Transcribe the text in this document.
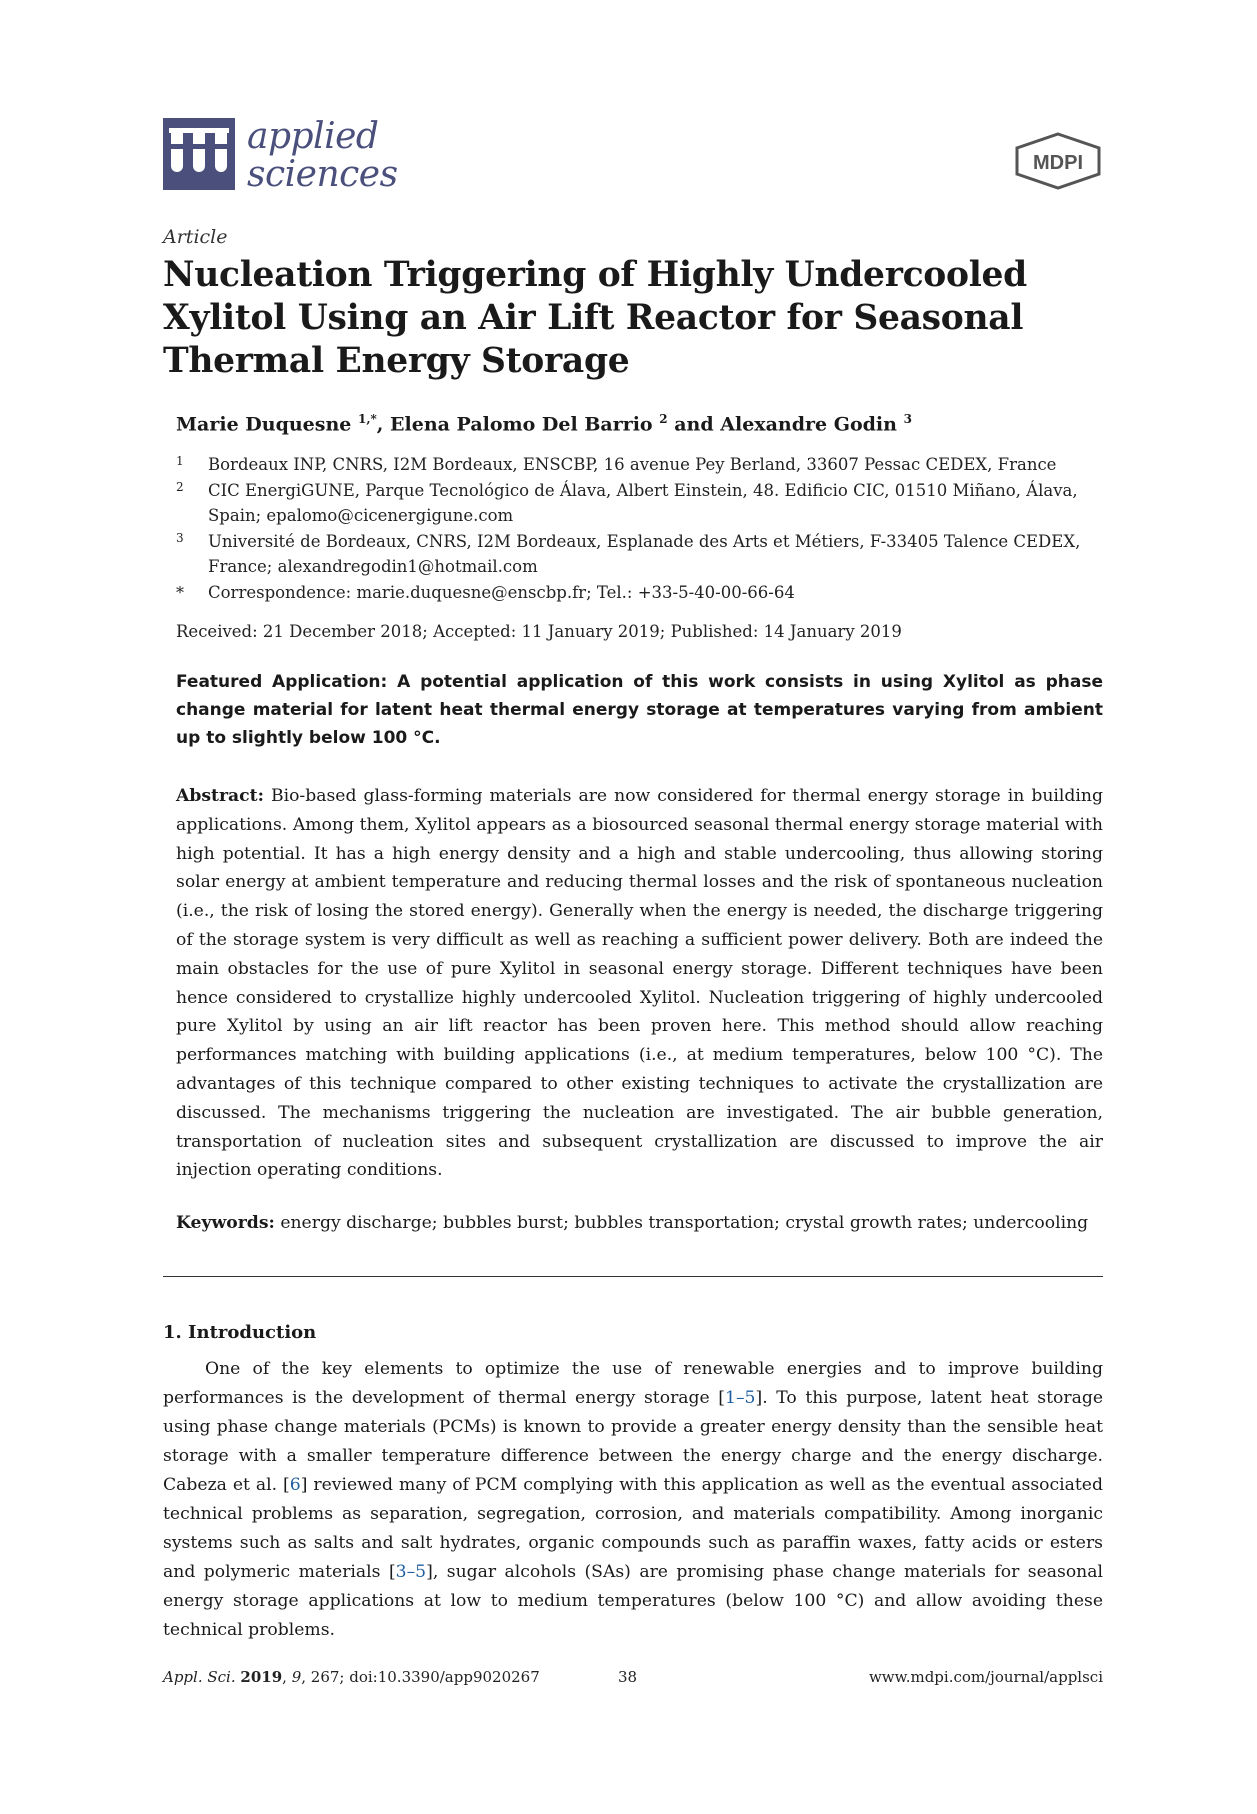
applied
sciences	MDPI
Article
Nucleation Triggering of Highly Undercooled Xylitol Using an Air Lift Reactor for Seasonal Thermal Energy Storage
Marie Duquesne $^{1,*}$, Elena Palomo Del Barrio $^2$ and Alexandre Godin $^3$
1 Bordeaux INP, CNRS, I2M Bordeaux, ENSCBP, 16 avenue Pey Berland, 33607 Pessac CEDEX, France
2 CIC EnergiGUNE, Parque Tecnológico de Álava, Albert Einstein, 48. Edificio CIC, 01510 Miñano, Álava, Spain; epalomo@cicenergigune.com
3 Université de Bordeaux, CNRS, I2M Bordeaux, Esplanade des Arts et Métiers, F-33405 Talence CEDEX, France; alexandregodin1@hotmail.com
* Correspondence: marie.duquesne@enscbp.fr; Tel.: +33-5-40-00-66-64
Received: 21 December 2018; Accepted: 11 January 2019; Published: 14 January 2019
Featured Application: A potential application of this work consists in using Xylitol as phase change material for latent heat thermal energy storage at temperatures varying from ambient up to slightly below 100 °C.
Abstract: Bio-based glass-forming materials are now considered for thermal energy storage in building applications. Among them, Xylitol appears as a biosourced seasonal thermal energy storage material with high potential. It has a high energy density and a high and stable undercooling, thus allowing storing solar energy at ambient temperature and reducing thermal losses and the risk of spontaneous nucleation (i.e., the risk of losing the stored energy). Generally when the energy is needed, the discharge triggering of the storage system is very difficult as well as reaching a sufficient power delivery. Both are indeed the main obstacles for the use of pure Xylitol in seasonal energy storage. Different techniques have been hence considered to crystallize highly undercooled Xylitol. Nucleation triggering of highly undercooled pure Xylitol by using an air lift reactor has been proven here. This method should allow reaching performances matching with building applications (i.e., at medium temperatures, below 100 °C). The advantages of this technique compared to other existing techniques to activate the crystallization are discussed. The mechanisms triggering the nucleation are investigated. The air bubble generation, transportation of nucleation sites and subsequent crystallization are discussed to improve the air injection operating conditions.
Keywords: energy discharge; bubbles burst; bubbles transportation; crystal growth rates; undercooling
1. Introduction
One of the key elements to optimize the use of renewable energies and to improve building performances is the development of thermal energy storage [1–5]. To this purpose, latent heat storage using phase change materials (PCMs) is known to provide a greater energy density than the sensible heat storage with a smaller temperature difference between the energy charge and the energy discharge. Cabeza et al. [6] reviewed many of PCM complying with this application as well as the eventual associated technical problems as separation, segregation, corrosion, and materials compatibility. Among inorganic systems such as salts and salt hydrates, organic compounds such as paraffin waxes, fatty acids or esters and polymeric materials [3–5], sugar alcohols (SAs) are promising phase change materials for seasonal energy storage applications at low to medium temperatures (below 100 °C) and allow avoiding these technical problems.
Appl. Sci. 2019, 9, 267; doi:10.3390/app9020267	38	www.mdpi.com/journal/applsci
